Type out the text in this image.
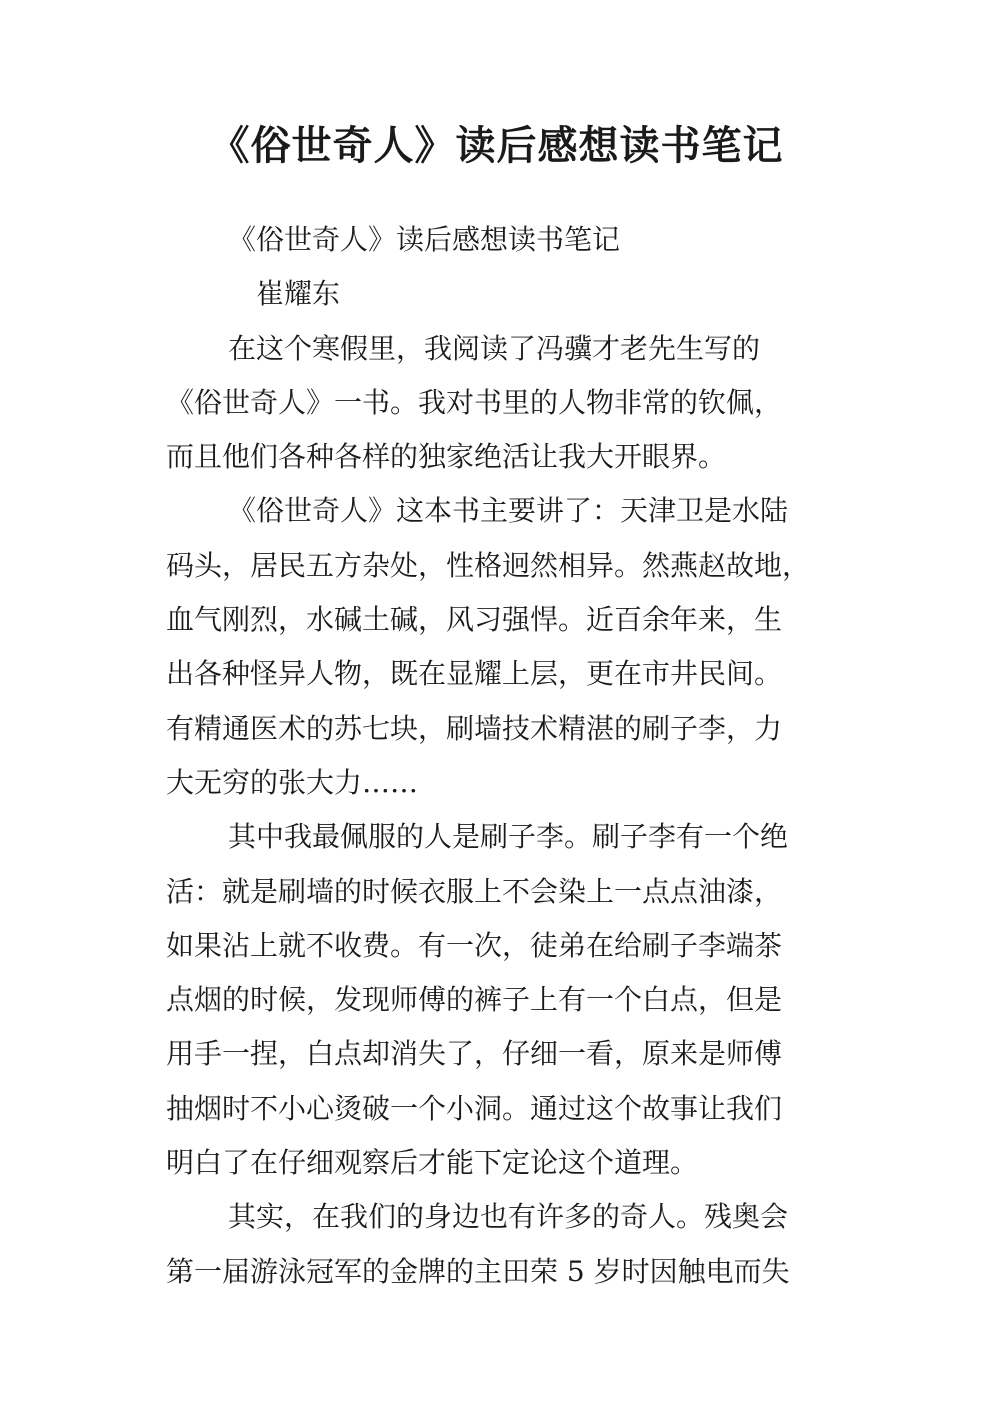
《俗世奇人》读后感想读书笔记
《俗世奇人》读后感想读书笔记
崔耀东
在这个寒假里，我阅读了冯骥才老先生写的
《俗世奇人》一书。我对书里的人物非常的钦佩，
而且他们各种各样的独家绝活让我大开眼界。
《俗世奇人》这本书主要讲了：天津卫是水陆
码头，居民五方杂处，性格迥然相异。然燕赵故地，
血气刚烈，水碱土碱，风习强悍。近百余年来，生
出各种怪异人物，既在显耀上层，更在市井民间。
有精通医术的苏七块，刷墙技术精湛的刷子李，力
大无穷的张大力……
其中我最佩服的人是刷子李。刷子李有一个绝
活：就是刷墙的时候衣服上不会染上一点点油漆，
如果沾上就不收费。有一次，徒弟在给刷子李端茶
点烟的时候，发现师傅的裤子上有一个白点，但是
用手一捏，白点却消失了，仔细一看，原来是师傅
抽烟时不小心烫破一个小洞。通过这个故事让我们
明白了在仔细观察后才能下定论这个道理。
其实，在我们的身边也有许多的奇人。残奥会
第一届游泳冠军的金牌的主田荣 5 岁时因触电而失
